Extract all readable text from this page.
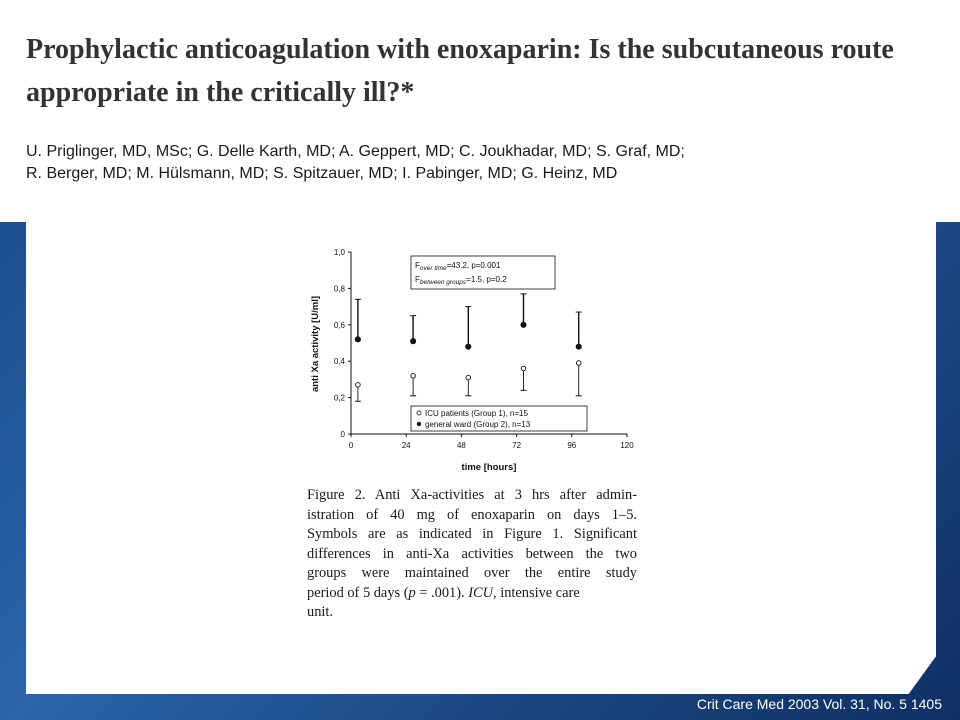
Prophylactic anticoagulation with enoxaparin: Is the subcutaneous route appropriate in the critically ill?*

U. Priglinger, MD, MSc; G. Delle Karth, MD; A. Geppert, MD; C. Joukhadar, MD; S. Graf, MD;
R. Berger, MD; M. Hülsmann, MD; S. Spitzauer, MD; I. Pabinger, MD; G. Heinz, MD

anti Xa activity [U/ml]
time [hours]
0
0,2
0,4
0,6
0,8
1,0
0	24	48	72	96	120
$F_{over time}=43.2$, p=0.001
$F_{between groups}=1.5$, p=0.2
ICU patients (Group 1), n=15
general ward (Group 2), n=13

Figure 2. Anti Xa-activities at 3 hrs after admin-
istration of 40 mg of enoxaparin on days 1–5.
Symbols are as indicated in Figure 1. Significant
differences in anti-Xa activities between the two
groups were maintained over the entire study
period of 5 days (p = .001). ICU, intensive care
unit.

Crit Care Med 2003 Vol. 31, No. 5 1405
